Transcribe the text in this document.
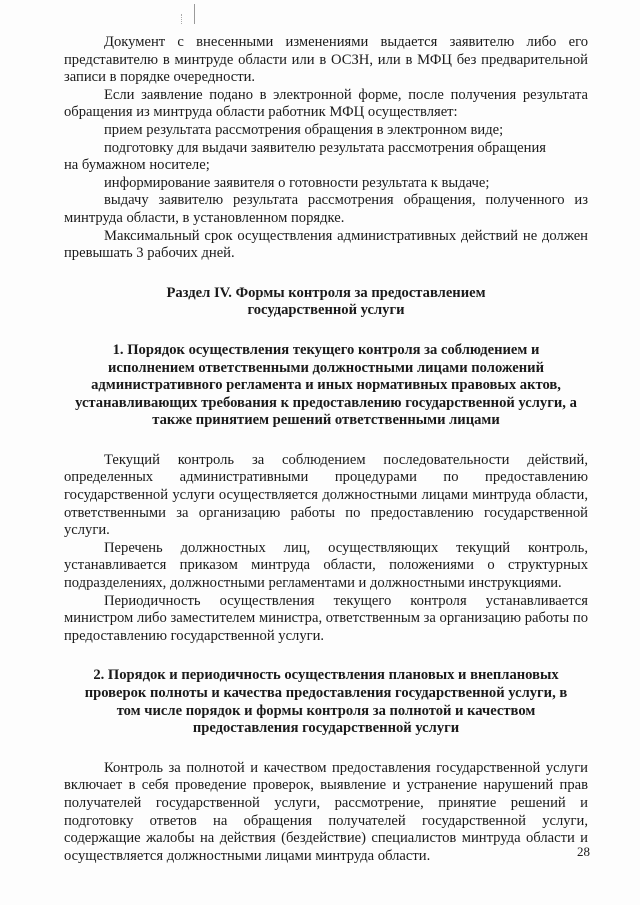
Документ с внесенными изменениями выдается заявителю либо его представителю в минтруде области или в ОСЗН, или в МФЦ без предварительной записи в порядке очередности.

Если заявление подано в электронной форме, после получения результата обращения из минтруда области работник МФЦ осуществляет:

прием результата рассмотрения обращения в электронном виде;

подготовку для выдачи заявителю результата рассмотрения обращения

на бумажном носителе;

информирование заявителя о готовности результата к выдаче;

выдачу заявителю результата рассмотрения обращения, полученного из минтруда области, в установленном порядке.

Максимальный срок осуществления административных действий не должен превышать 3 рабочих дней.

Раздел IV. Формы контроля за предоставлением
государственной услуги
1. Порядок осуществления текущего контроля за соблюдением и
исполнением ответственными должностными лицами положений
административного регламента и иных нормативных правовых актов,
устанавливающих требования к предоставлению государственной услуги, а
также принятием решений ответственными лицами

Текущий контроль за соблюдением последовательности действий, определенных административными процедурами по предоставлению государственной услуги осуществляется должностными лицами минтруда области, ответственными за организацию работы по предоставлению государственной услуги.

Перечень должностных лиц, осуществляющих текущий контроль, устанавливается приказом минтруда области, положениями о структурных подразделениях, должностными регламентами и должностными инструкциями.

Периодичность осуществления текущего контроля устанавливается министром либо заместителем министра, ответственным за организацию работы по предоставлению государственной услуги.

2. Порядок и периодичность осуществления плановых и внеплановых
проверок полноты и качества предоставления государственной услуги, в
том числе порядок и формы контроля за полнотой и качеством
предоставления государственной услуги

Контроль за полнотой и качеством предоставления государственной услуги включает в себя проведение проверок, выявление и устранение нарушений прав получателей государственной услуги, рассмотрение, принятие решений и подготовку ответов на обращения получателей государственной услуги, содержащие жалобы на действия (бездействие) специалистов минтруда области и осуществляется должностными лицами минтруда области.	28
